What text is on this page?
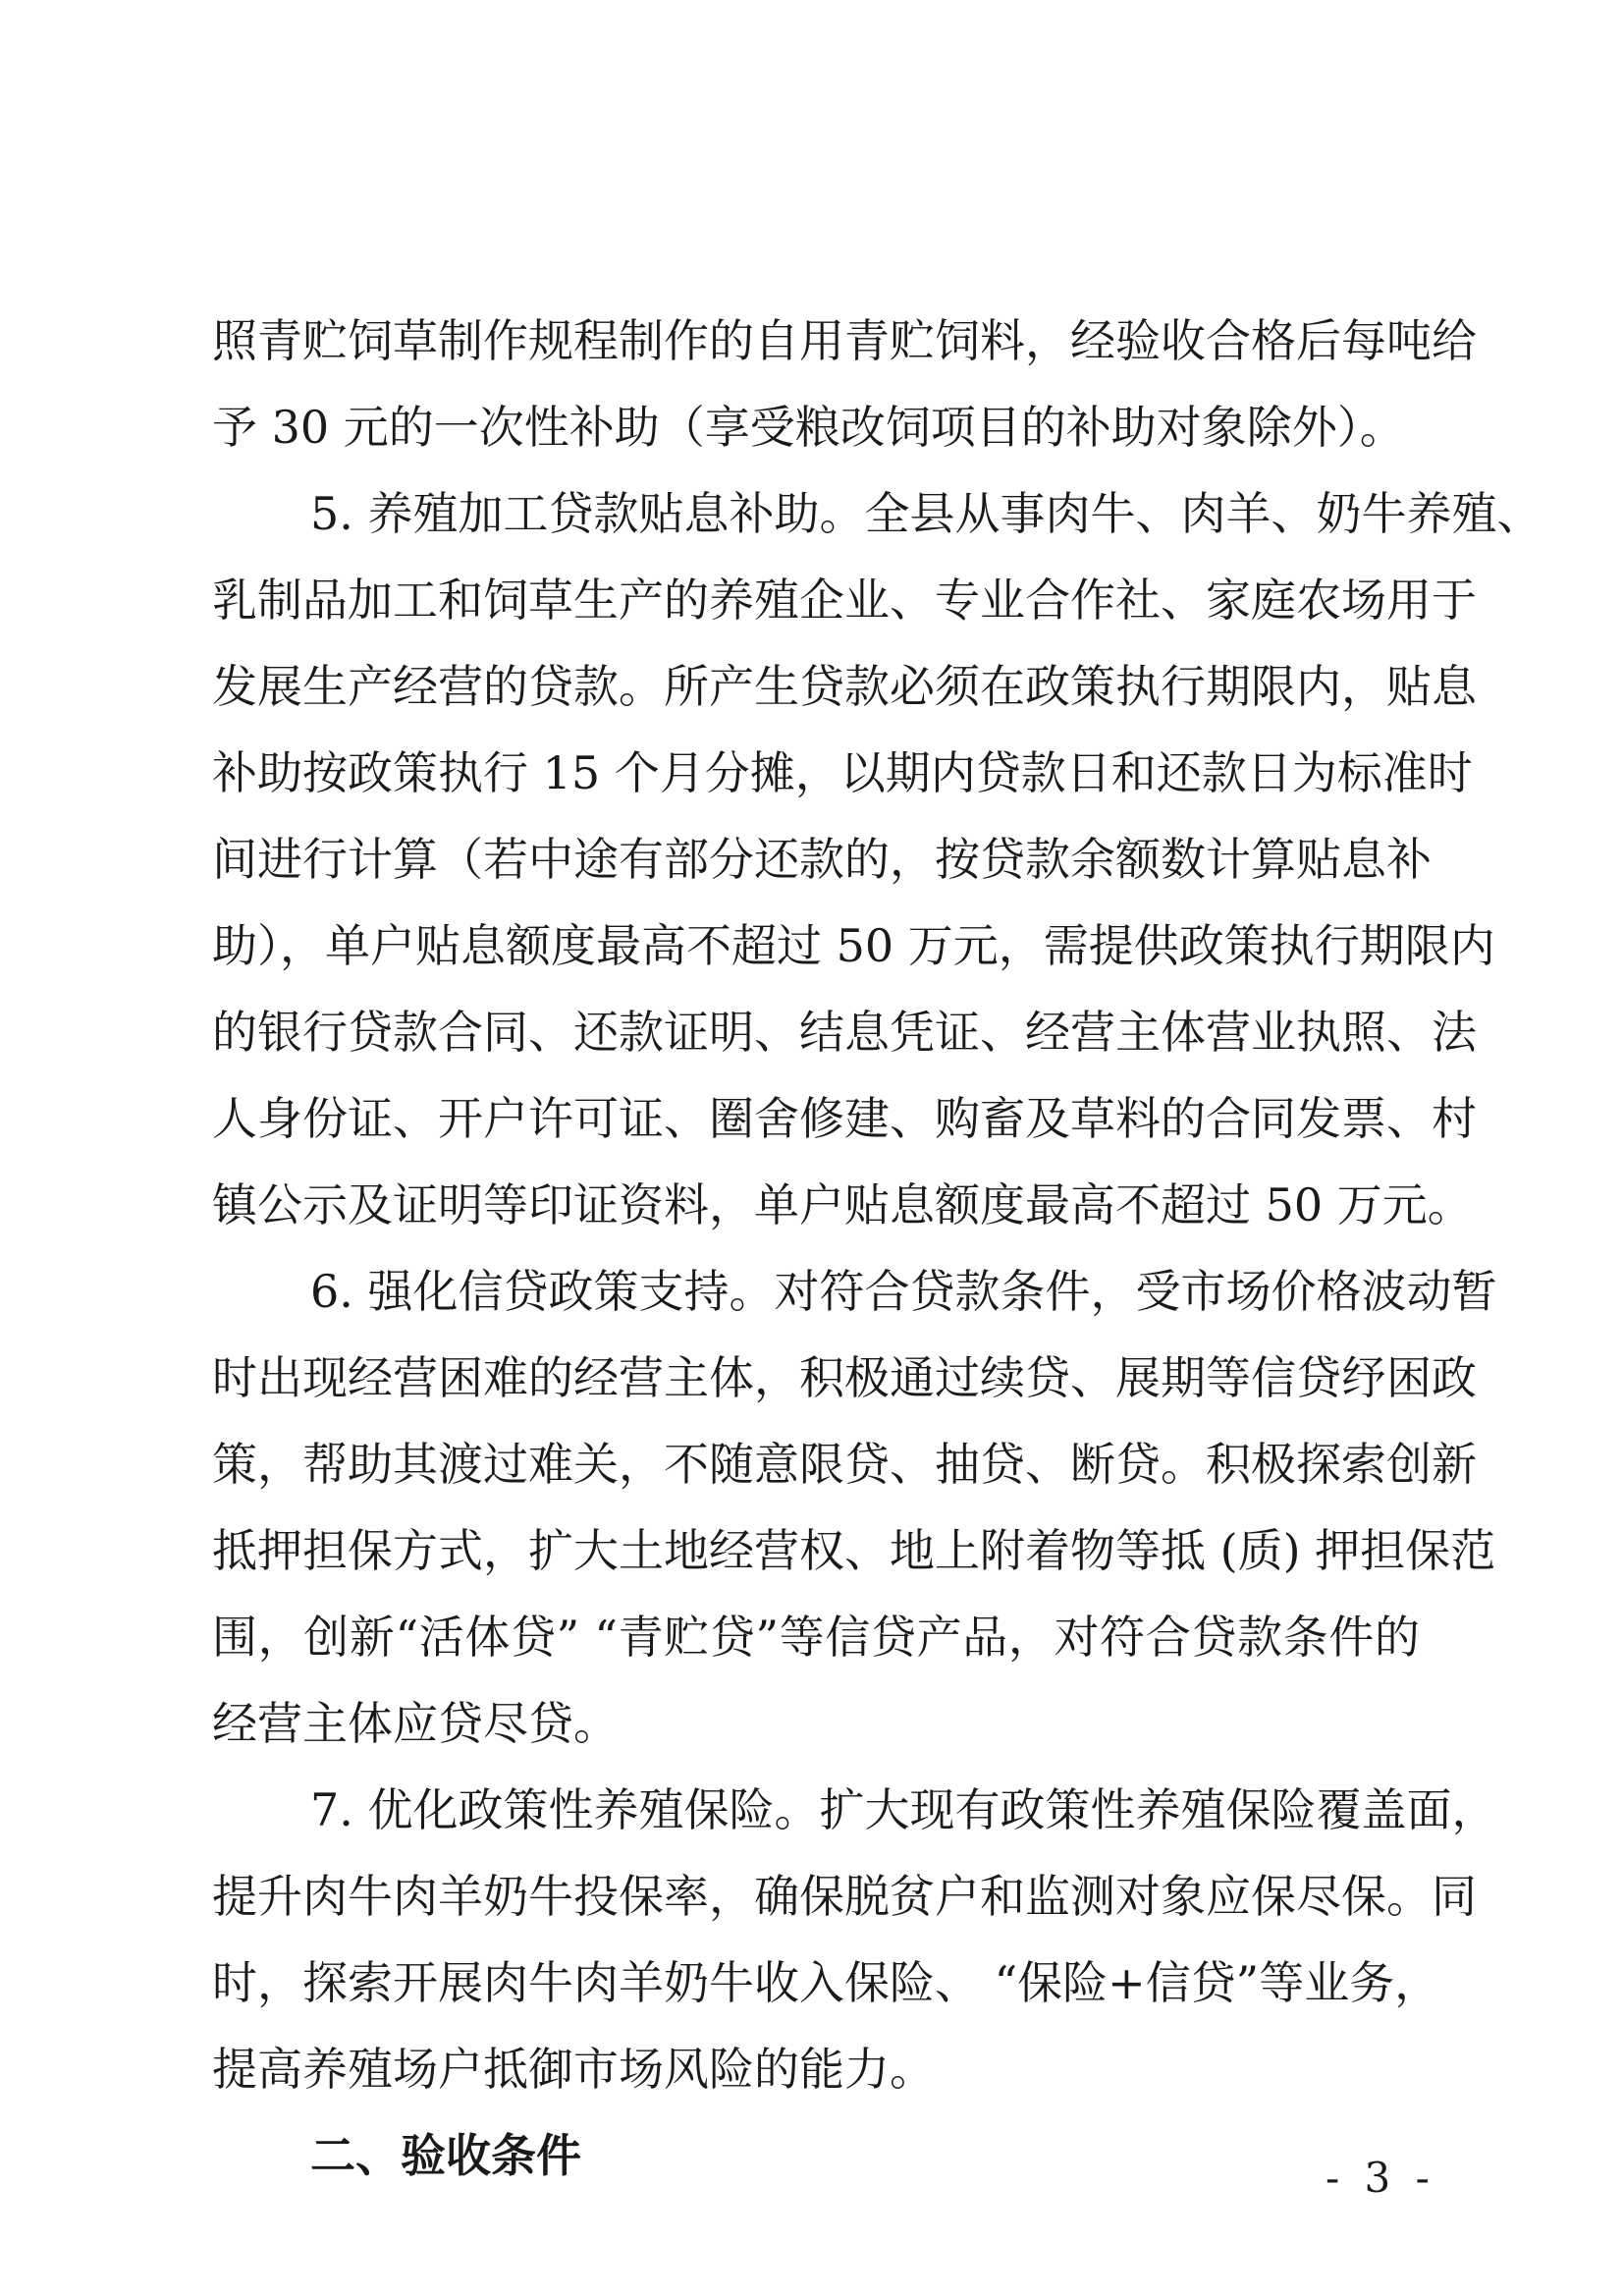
照青贮饲草制作规程制作的自用青贮饲料，经验收合格后每吨给
予 30 元的一次性补助（享受粮改饲项目的补助对象除外）。
5. 养殖加工贷款贴息补助。全县从事肉牛、肉羊、奶牛养殖、
乳制品加工和饲草生产的养殖企业、专业合作社、家庭农场用于
发展生产经营的贷款。所产生贷款必须在政策执行期限内，贴息
补助按政策执行 15 个月分摊，以期内贷款日和还款日为标准时
间进行计算（若中途有部分还款的，按贷款余额数计算贴息补
助），单户贴息额度最高不超过 50 万元，需提供政策执行期限内
的银行贷款合同、还款证明、结息凭证、经营主体营业执照、法
人身份证、开户许可证、圈舍修建、购畜及草料的合同发票、村
镇公示及证明等印证资料，单户贴息额度最高不超过 50 万元。
6. 强化信贷政策支持。对符合贷款条件，受市场价格波动暂
时出现经营困难的经营主体，积极通过续贷、展期等信贷纾困政
策，帮助其渡过难关，不随意限贷、抽贷、断贷。积极探索创新
抵押担保方式，扩大土地经营权、地上附着物等抵 (质) 押担保范
围，创新“活体贷” “青贮贷”等信贷产品，对符合贷款条件的
经营主体应贷尽贷。
7. 优化政策性养殖保险。扩大现有政策性养殖保险覆盖面，
提升肉牛肉羊奶牛投保率，确保脱贫户和监测对象应保尽保。同
时，探索开展肉牛肉羊奶牛收入保险、 “保险+信贷”等业务，
提高养殖场户抵御市场风险的能力。
二、验收条件	- 3 -
